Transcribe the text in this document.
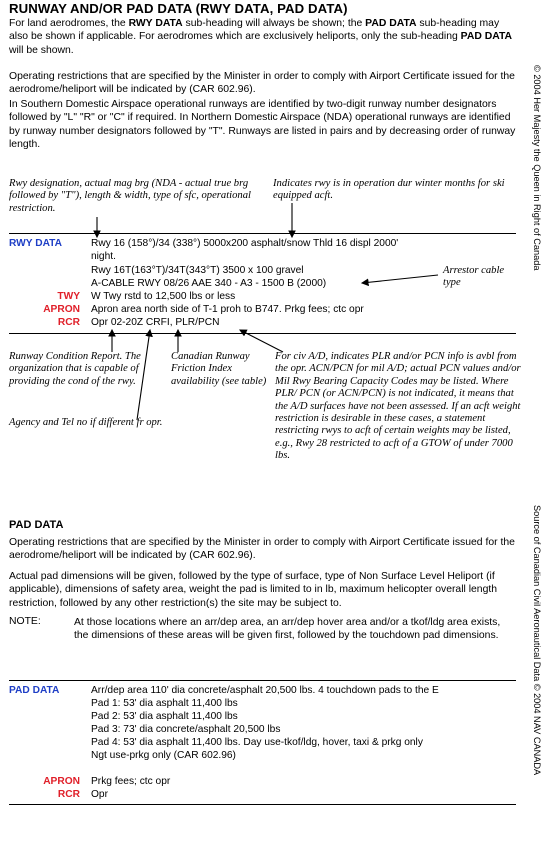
RUNWAY AND/OR PAD DATA (RWY DATA, PAD DATA)
For land aerodromes, the RWY DATA sub-heading will always be shown; the PAD DATA sub-heading may also be shown if applicable. For aerodromes which are exclusively heliports, only the sub-heading PAD DATA will be shown.
Operating restrictions that are specified by the Minister in order to comply with Airport Certificate issued for the aerodrome/heliport will be indicated by (CAR 602.96).
In Southern Domestic Airspace operational runways are identified by two-digit runway number designators followed by "L" "R" or "C" if required. In Northern Domestic Airspace (NDA) operational runways are identified by runway number designators followed by "T". Runways are listed in pairs and by decreasing order of runway length.
Rwy designation, actual mag brg (NDA - actual true brg followed by "T"), length & width, type of sfc, operational restriction.
Indicates rwy is in operation dur winter months for ski equipped acft.
RWY DATA
TWY
APRON
RCR
Rwy 16 (158°)/34 (338°) 5000x200 asphalt/snow Thld 16 displ 2000'
night.
Rwy 16T(163°T)/34T(343°T) 3500 x 100 gravel
A-CABLE RWY 08/26 AAE 340 - A3 - 1500 B (2000)
W Twy rstd to 12,500 lbs or less
Apron area north side of T-1 proh to B747. Prkg fees; ctc opr
Opr 02-20Z CRFI, PLR/PCN
Arrestor cable type
Runway Condition Report. The organization that is capable of providing the cond of the rwy.
Canadian Runway Friction Index availability (see table)
Agency and Tel no if different fr opr.
For civ A/D, indicates PLR and/or PCN info is avbl from the opr. ACN/PCN for mil A/D; actual PCN values and/or Mil Rwy Bearing Capacity Codes may be listed. Where PLR/ PCN (or ACN/PCN) is not indicated, it means that the A/D surfaces have not been assessed. If an acft weight restriction is desirable in these cases, a statement restricting rwys to acft of certain weights may be listed, e.g., Rwy 28 restricted to acft of a GTOW of under 7000 lbs.
PAD DATA
Operating restrictions that are specified by the Minister in order to comply with Airport Certificate issued for the aerodrome/heliport will be indicated by (CAR 602.96).
Actual pad dimensions will be given, followed by the type of surface, type of Non Surface Level Heliport (if applicable), dimensions of safety area, weight the pad is limited to in lb, maximum helicopter overall length restriction, followed by any other restriction(s) the site may be subject to.
NOTE:	At those locations where an arr/dep area, an arr/dep hover area and/or a tkof/ldg area exists, the dimensions of these areas will be given first, followed by the touchdown pad dimensions.
PAD DATA
APRON
RCR
Arr/dep area 110' dia concrete/asphalt 20,500 lbs. 4 touchdown pads to the E
Pad 1: 53' dia asphalt 11,400 lbs
Pad 2: 53' dia asphalt 11,400 lbs
Pad 3: 73' dia concrete/asphalt 20,500 lbs
Pad 4: 53' dia asphalt 11,400 lbs. Day use-tkof/ldg, hover, taxi & prkg only
Ngt use-prkg only (CAR 602.96)
Prkg fees; ctc opr
Opr
© 2004 Her Majesty the Queen in Right of Canada
Source of Canadian Civil Aeronautical Data © 2004 NAV CANADA
